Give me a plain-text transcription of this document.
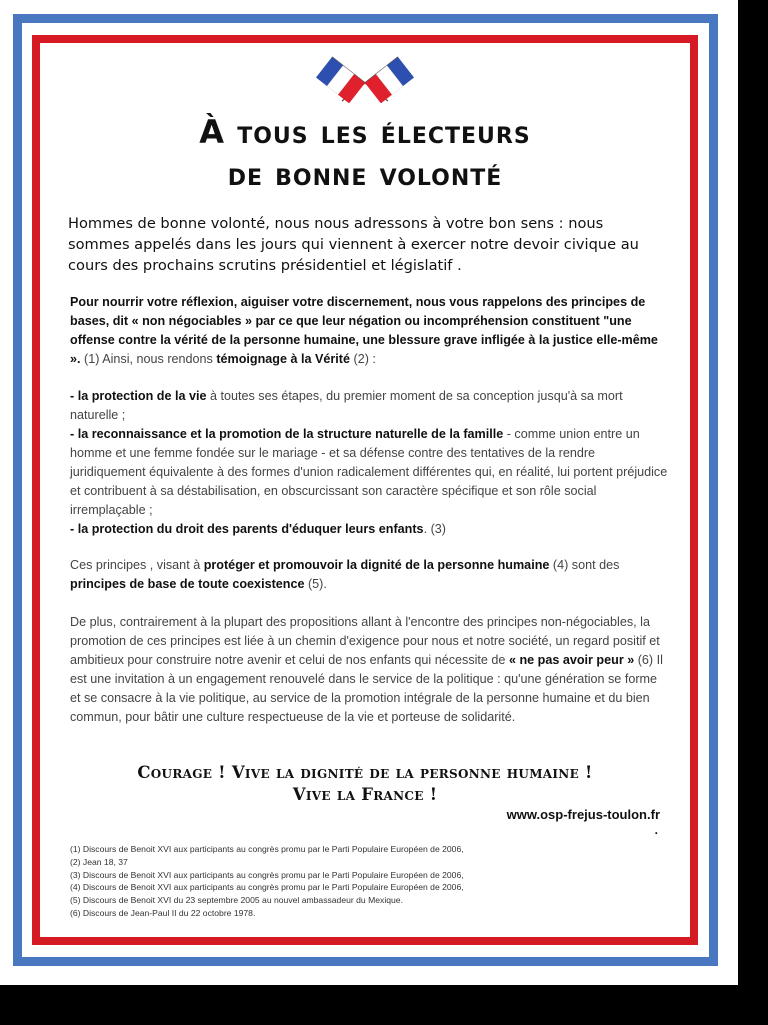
À tous les électeurs
de bonne volonté
Hommes de bonne volonté, nous nous adressons à votre bon sens : nous sommes appelés dans les jours qui viennent à exercer notre devoir civique au cours des prochains scrutins présidentiel et législatif .
Pour nourrir votre réflexion, aiguiser votre discernement, nous vous rappelons des principes de bases, dit « non négociables » par ce que leur négation ou incompréhension constituent "une offense contre la vérité de la personne humaine, une blessure grave infligée à la justice elle-même ». (1) Ainsi, nous rendons témoignage à la Vérité (2) :
- la protection de la vie à toutes ses étapes, du premier moment de sa conception jusqu'à sa mort naturelle ;
- la reconnaissance et la promotion de la structure naturelle de la famille - comme union entre un homme et une femme fondée sur le mariage - et sa défense contre des tentatives de la rendre juridiquement équivalente à des formes d'union radicalement différentes qui, en réalité, lui portent préjudice et contribuent à sa déstabilisation, en obscurcissant son caractère spécifique et son rôle social irremplaçable ;
- la protection du droit des parents d'éduquer leurs enfants. (3)
Ces principes , visant à protéger et promouvoir la dignité de la personne humaine (4) sont des principes de base de toute coexistence (5).
De plus, contrairement à la plupart des propositions allant à l'encontre des principes non-négociables, la promotion de ces principes est liée à un chemin d'exigence pour nous et notre société, un regard positif et ambitieux pour construire notre avenir et celui de nos enfants qui nécessite de « ne pas avoir peur » (6) Il est une invitation à un engagement renouvelé dans le service de la politique : qu'une génération se forme et se consacre à la vie politique, au service de la promotion intégrale de la personne humaine et du bien commun, pour bâtir une culture respectueuse de la vie et porteuse de solidarité.
Courage ! Vive la dignité de la personne humaine !
Vive la France !
www.osp-frejus-toulon.fr
.
(1) Discours de Benoit XVI aux participants au congrès promu par le Parti Populaire Européen de 2006,
(2) Jean 18, 37
(3) Discours de Benoit XVI aux participants au congrès promu par le Parti Populaire Européen de 2006,
(4) Discours de Benoit XVI aux participants au congrès promu par le Parti Populaire Européen de 2006,
(5) Discours de Benoit XVI du 23 septembre 2005 au nouvel ambassadeur du Mexique.
(6) Discours de Jean-Paul II du 22 octobre 1978.
